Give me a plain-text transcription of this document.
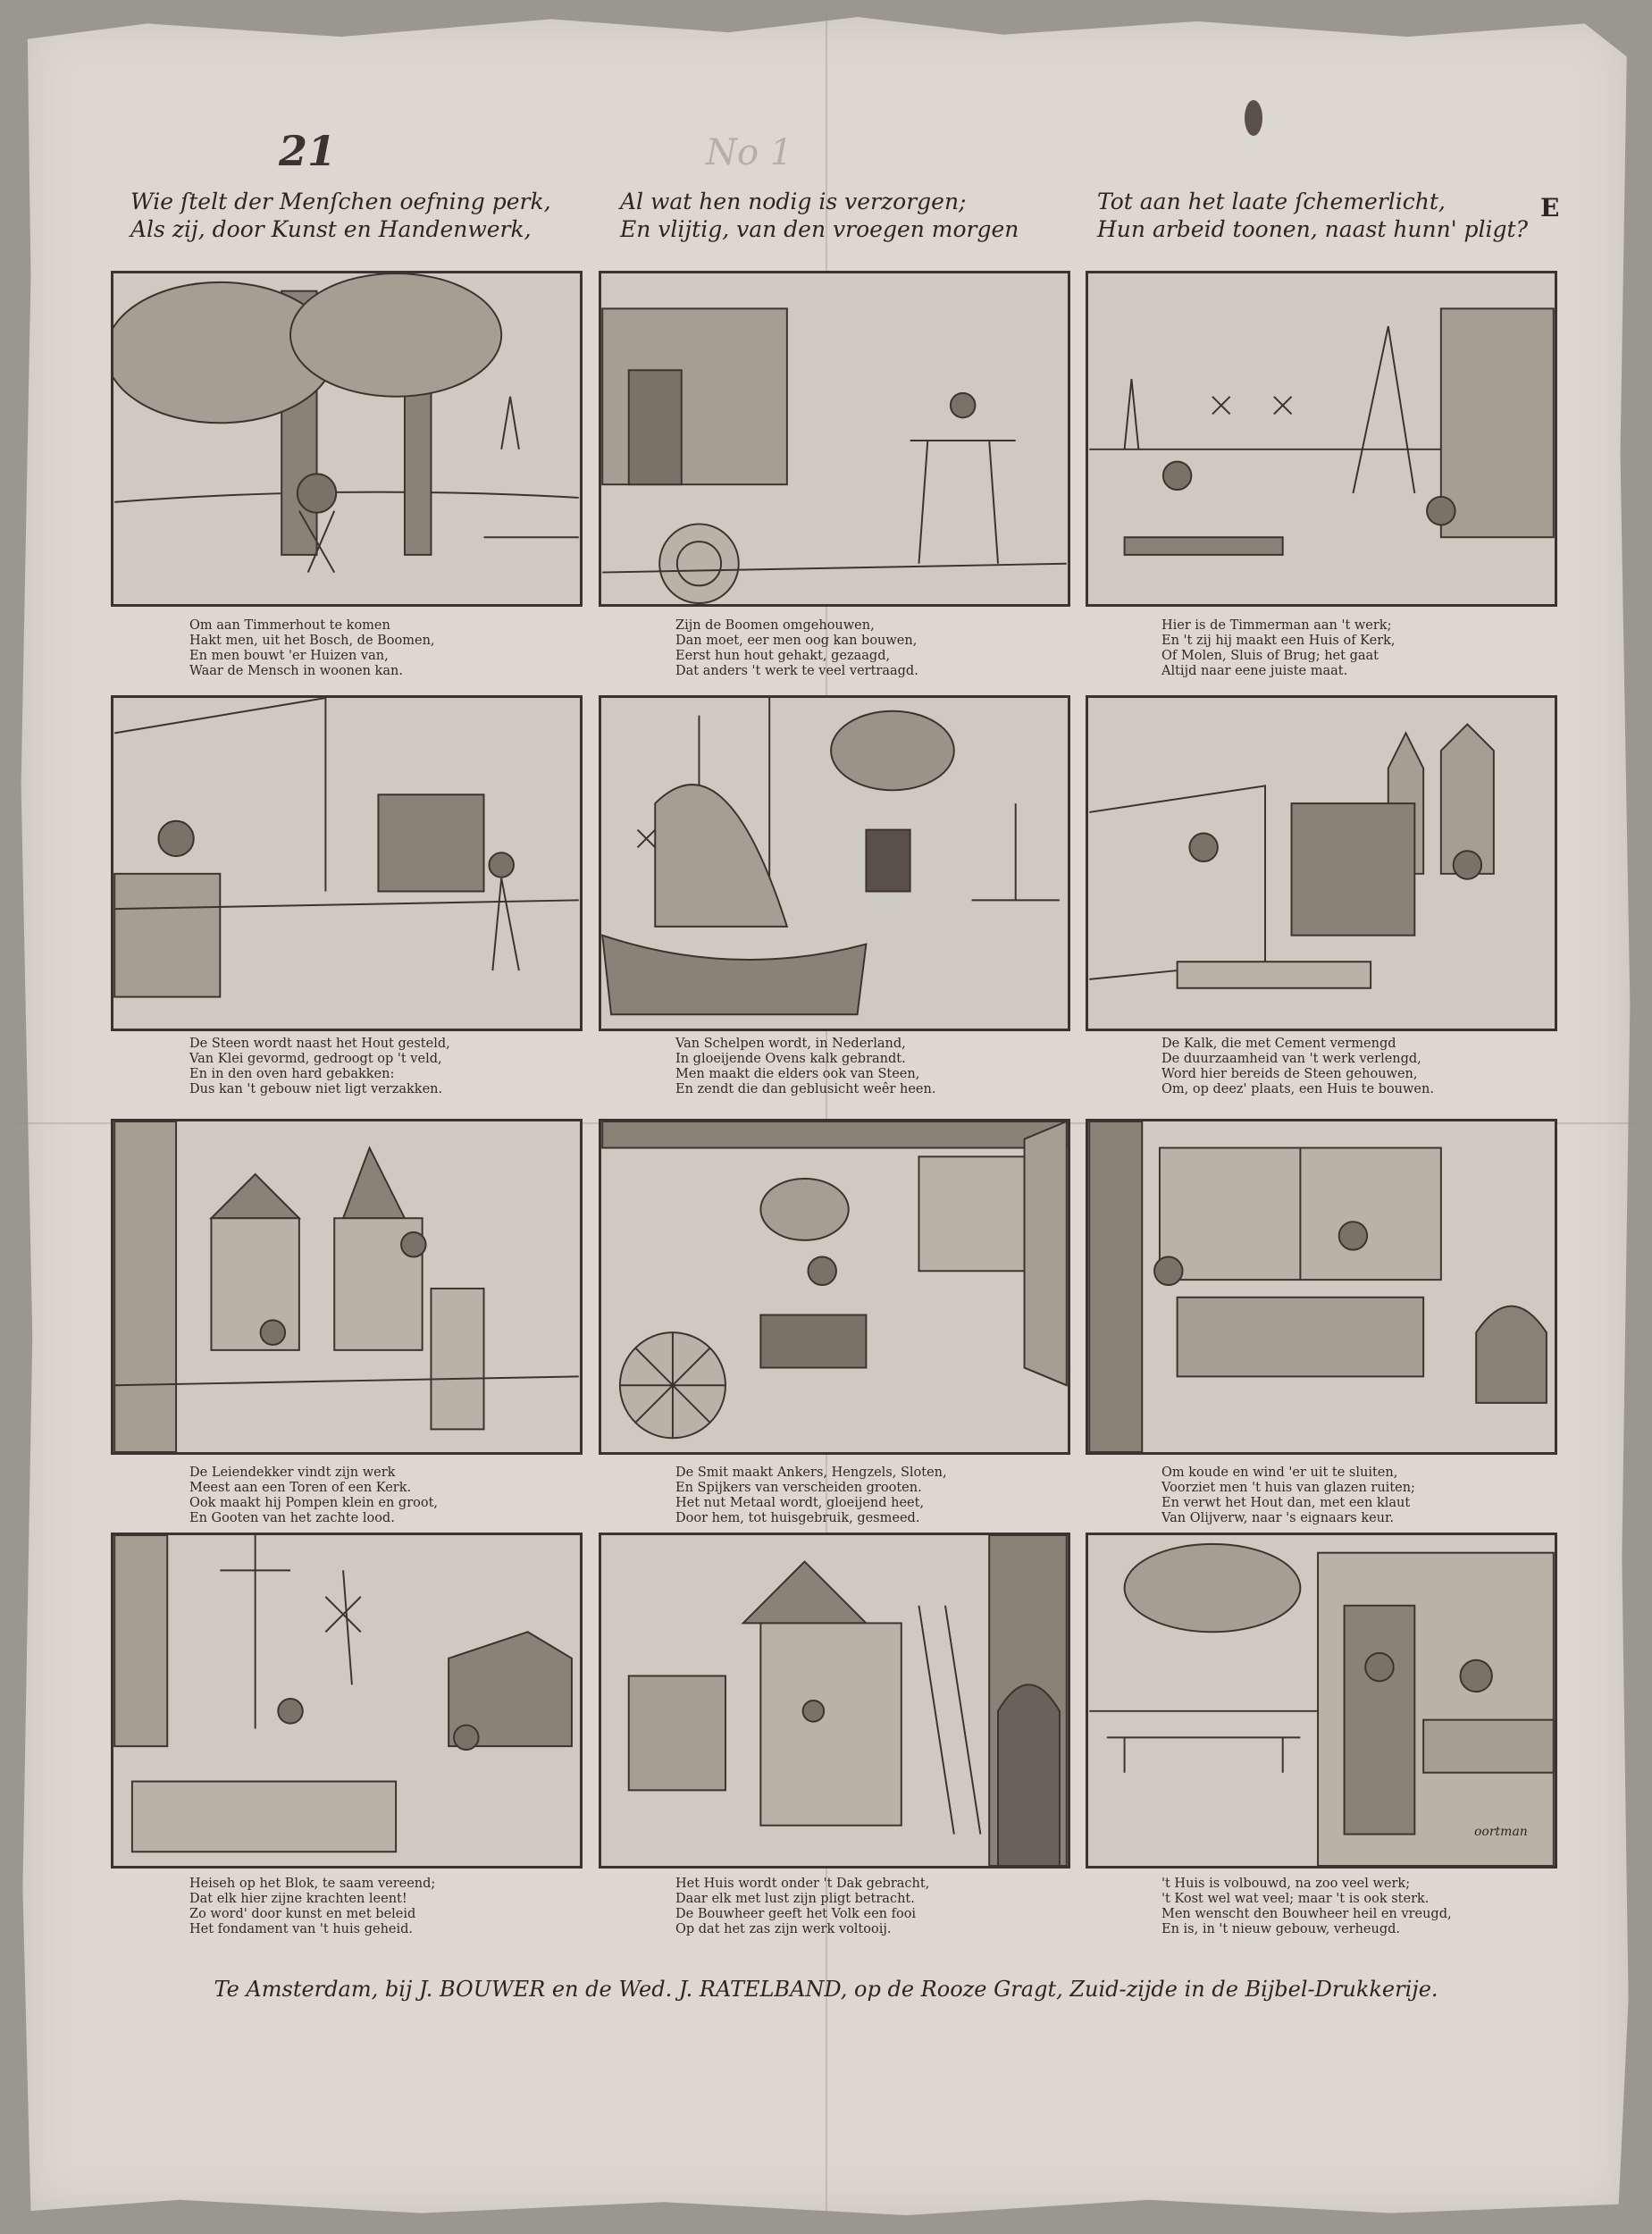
21	No 1
Wie ſtelt der Menſchen oefning perk,
Als zij, door Kunst en Handenwerk,
Al wat hen nodig is verzorgen;
En vlijtig, van den vroegen morgen
Tot aan het laate ſchemerlicht,
Hun arbeid toonen, naast hunn' pligt?
E
Om aan Timmerhout te komen
Hakt men, uit het Bosch, de Boomen,
En men bouwt 'er Huizen van,
Waar de Mensch in woonen kan.
Zijn de Boomen omgehouwen,
Dan moet, eer men oog kan bouwen,
Eerst hun hout gehakt, gezaagd,
Dat anders 't werk te veel vertraagd.
Hier is de Timmerman aan 't werk;
En 't zij hij maakt een Huis of Kerk,
Of Molen, Sluis of Brug; het gaat
Altijd naar eene juiste maat.
De Steen wordt naast het Hout gesteld,
Van Klei gevormd, gedroogt op 't veld,
En in den oven hard gebakken:
Dus kan 't gebouw niet ligt verzakken.
Van Schelpen wordt, in Nederland,
In gloeijende Ovens kalk gebrandt.
Men maakt die elders ook van Steen,
En zendt die dan geblusicht weêr heen.
De Kalk, die met Cement vermengd
De duurzaamheid van 't werk verlengd,
Word hier bereids de Steen gehouwen,
Om, op deez' plaats, een Huis te bouwen.
De Leiendekker vindt zijn werk
Meest aan een Toren of een Kerk.
Ook maakt hij Pompen klein en groot,
En Gooten van het zachte lood.
De Smit maakt Ankers, Hengzels, Sloten,
En Spijkers van verscheiden grooten.
Het nut Metaal wordt, gloeijend heet,
Door hem, tot huisgebruik, gesmeed.
Om koude en wind 'er uit te sluiten,
Voorziet men 't huis van glazen ruiten;
En verwt het Hout dan, met een klaut
Van Olijverw, naar 's eignaars keur.
oortman
Heiseh op het Blok, te saam vereend;
Dat elk hier zijne krachten leent!
Zo word' door kunst en met beleid
Het fondament van 't huis geheid.
Het Huis wordt onder 't Dak gebracht,
Daar elk met lust zijn pligt betracht.
De Bouwheer geeft het Volk een fooi
Op dat het zas zijn werk voltooij.
't Huis is volbouwd, na zoo veel werk;
't Kost wel wat veel; maar 't is ook sterk.
Men wenscht den Bouwheer heil en vreugd,
En is, in 't nieuw gebouw, verheugd.
Te Amsterdam, bij J. BOUWER en de Wed. J. RATELBAND, op de Rooze Gragt, Zuid-zijde in de Bijbel-Drukkerije.
